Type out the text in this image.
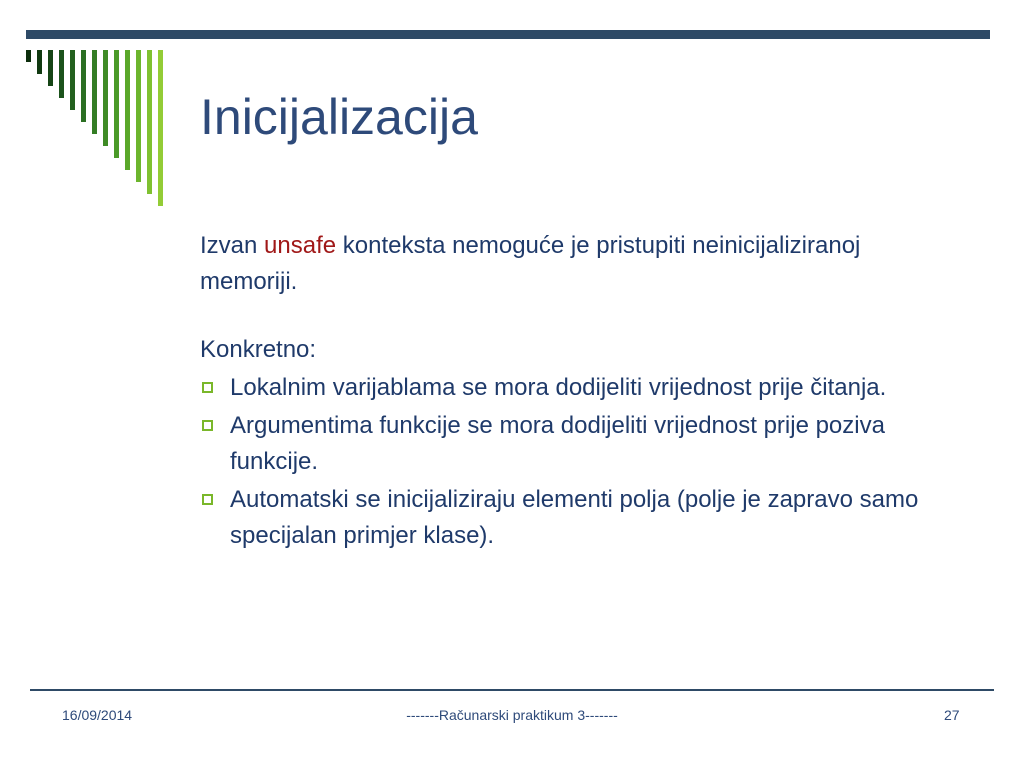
Inicijalizacija

Izvan unsafe konteksta nemoguće je pristupiti neinicijaliziranoj memoriji.

Konkretno:

Lokalnim varijablama se mora dodijeliti vrijednost prije čitanja.
Argumentima funkcije se mora dodijeliti vrijednost prije poziva funkcije.
Automatski se inicijaliziraju elementi polja (polje je zapravo samo specijalan primjer klase).
16/09/2014	-------Računarski praktikum 3-------	27
